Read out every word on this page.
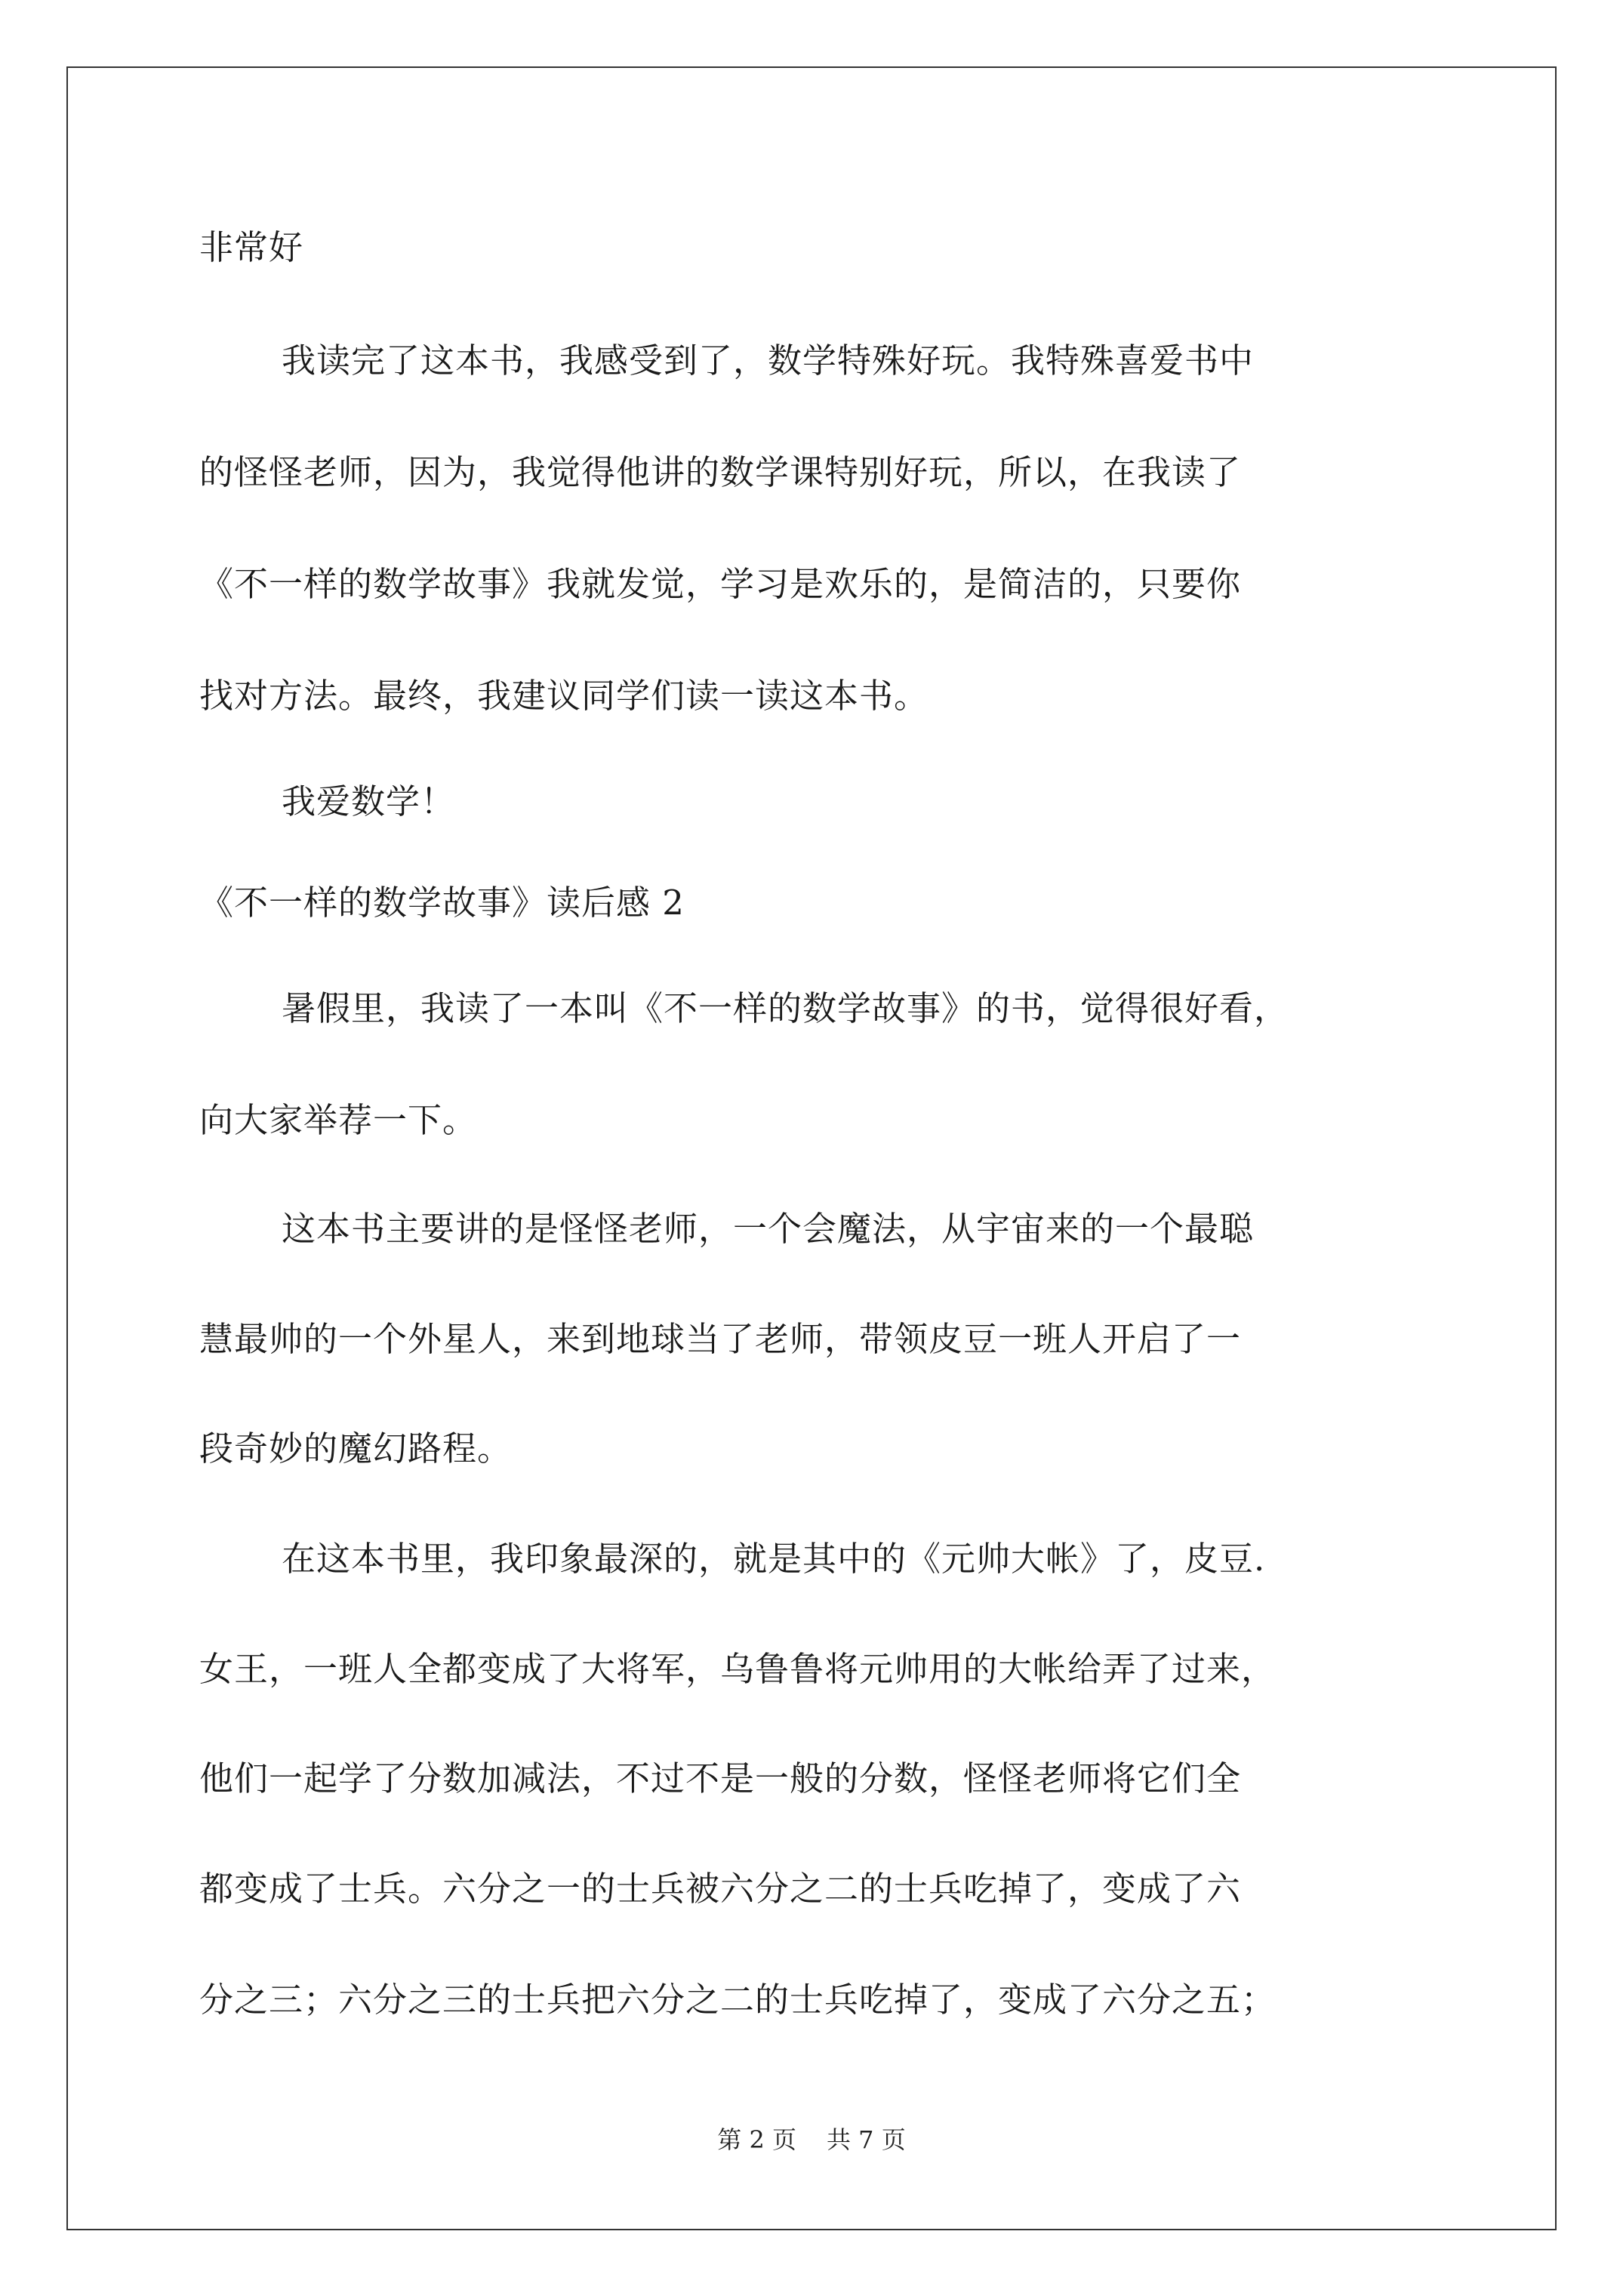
非常好
我读完了这本书，我感受到了，数学特殊好玩。我特殊喜爱书中
的怪怪老师，因为，我觉得他讲的数学课特别好玩，所以，在我读了
《不一样的数学故事》我就发觉，学习是欢乐的，是简洁的，只要你
找对方法。最终，我建议同学们读一读这本书。
我爱数学！
《不一样的数学故事》读后感 2
暑假里，我读了一本叫《不一样的数学故事》的书，觉得很好看，
向大家举荐一下。
这本书主要讲的是怪怪老师，一个会魔法，从宇宙来的一个最聪
慧最帅的一个外星人，来到地球当了老师，带领皮豆一班人开启了一
段奇妙的魔幻路程。
在这本书里，我印象最深的，就是其中的《元帅大帐》了，皮豆.
女王，一班人全都变成了大将军，乌鲁鲁将元帅用的大帐给弄了过来，
他们一起学了分数加减法，不过不是一般的分数，怪怪老师将它们全
都变成了士兵。六分之一的士兵被六分之二的士兵吃掉了，变成了六
分之三；六分之三的士兵把六分之二的士兵吃掉了，变成了六分之五；
第 2 页 共 7 页
